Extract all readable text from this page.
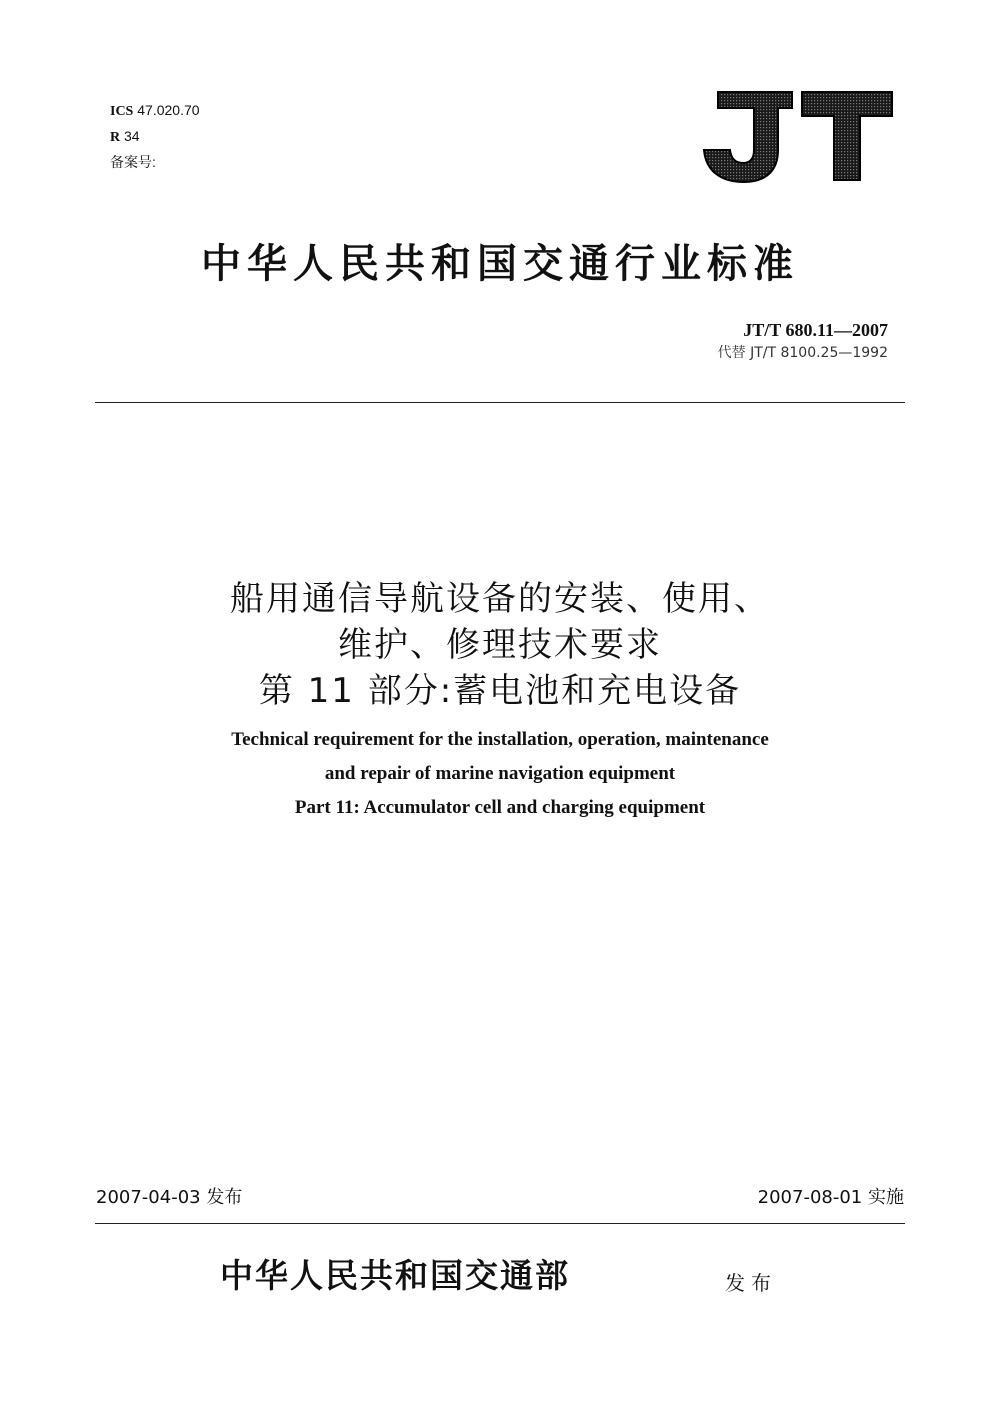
ICS 47.020.70
R 34
备案号:
中华人民共和国交通行业标准
JT/T 680.11—2007
代替 JT/T 8100.25—1992
船用通信导航设备的安装、使用、
维护、修理技术要求
第 11 部分:蓄电池和充电设备
Technical requirement for the installation, operation, maintenance
and repair of marine navigation equipment
Part 11: Accumulator cell and charging equipment
2007-04-03 发布	2007-08-01 实施
中华人民共和国交通部	发布
